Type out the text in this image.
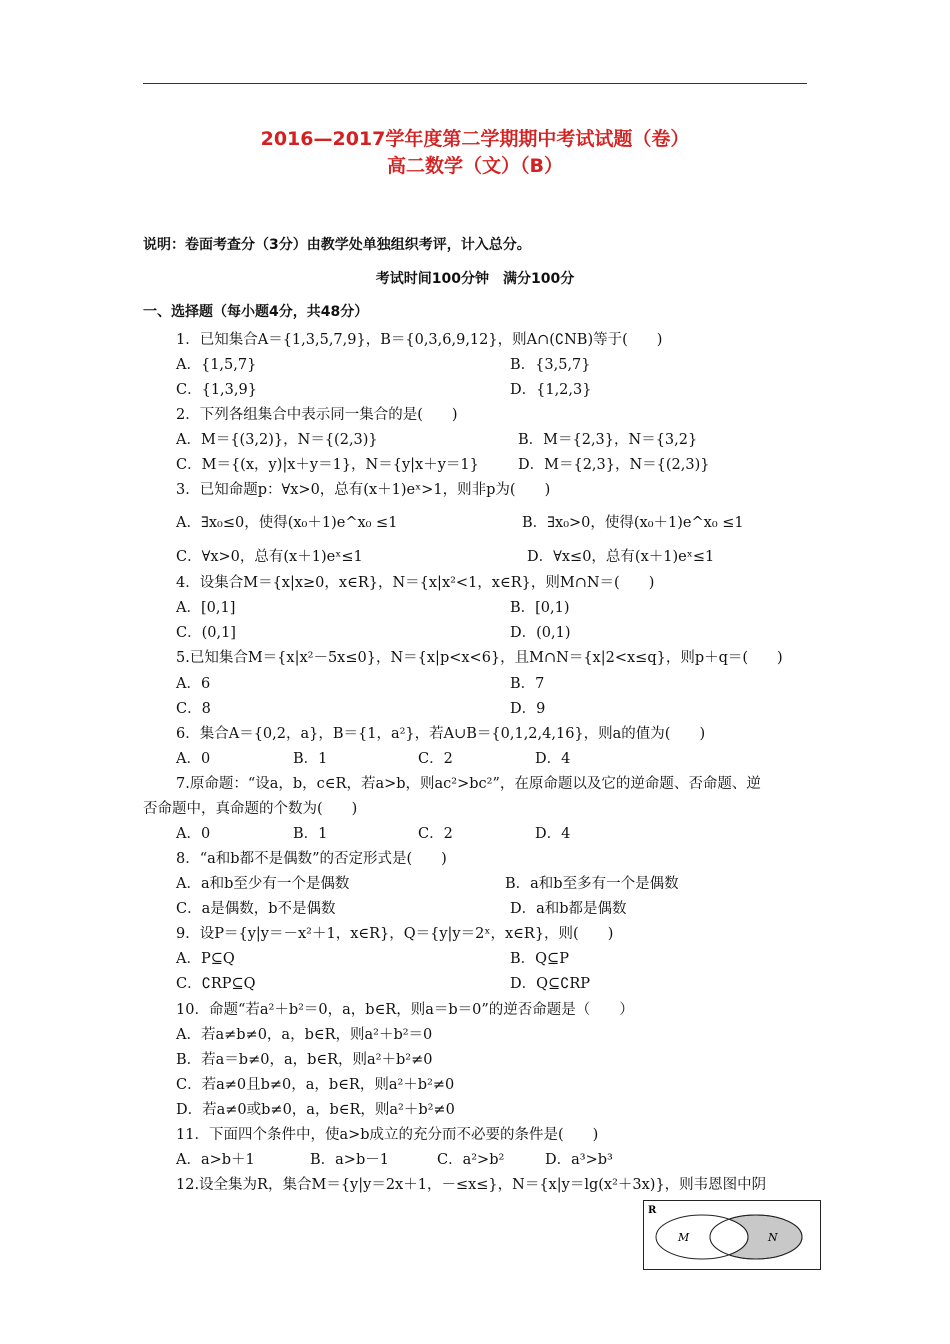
2016—2017学年度第二学期期中考试试题（卷）
高二数学（文）（B）
说明：卷面考查分（3分）由教学处单独组织考评，计入总分。
考试时间100分钟　满分100分
一、选择题（每小题4分，共48分）
1．已知集合A＝{1,3,5,7,9}，B＝{0,3,6,9,12}，则A∩(∁NB)等于(　　)
A．{1,5,7}	B．{3,5,7}
C．{1,3,9}	D．{1,2,3}
2．下列各组集合中表示同一集合的是(　　)
A．M＝{(3,2)}，N＝{(2,3)}	B．M＝{2,3}，N＝{3,2}
C．M＝{(x，y)|x＋y＝1}，N＝{y|x＋y＝1}	D．M＝{2,3}，N＝{(2,3)}
3．已知命题p：∀x>0，总有(x＋1)eˣ>1，则非p为(　　)
A．∃x₀≤0，使得(x₀＋1)e^x₀ ≤1	B．∃x₀>0，使得(x₀＋1)e^x₀ ≤1
C．∀x>0，总有(x＋1)eˣ≤1	D．∀x≤0，总有(x＋1)eˣ≤1
4．设集合M＝{x|x≥0，x∈R}，N＝{x|x²<1，x∈R}，则M∩N＝(　　)
A．[0,1]	B．[0,1)
C．(0,1]	D．(0,1)
5.已知集合M＝{x|x²－5x≤0}，N＝{x|p<x<6}，且M∩N＝{x|2<x≤q}，则p＋q＝(　　)
A．6	B．7
C．8	D．9
6．集合A＝{0,2，a}，B＝{1，a²}，若A∪B＝{0,1,2,4,16}，则a的值为(　　)
A．0	B．1	C．2	D．4
7.原命题：“设a，b，c∈R，若a>b，则ac²>bc²”，在原命题以及它的逆命题、否命题、逆
否命题中，真命题的个数为(　　)
A．0	B．1	C．2	D．4
8．“a和b都不是偶数”的否定形式是(　　)
A．a和b至少有一个是偶数	B．a和b至多有一个是偶数
C．a是偶数，b不是偶数	D．a和b都是偶数
9．设P＝{y|y＝－x²＋1，x∈R}，Q＝{y|y＝2ˣ，x∈R}，则(　　)
A．P⊆Q	B．Q⊆P
C．∁RP⊆Q	D．Q⊆∁RP
10．命题“若a²＋b²＝0，a，b∈R，则a＝b＝0”的逆否命题是（　　）
A．若a≠b≠0，a，b∈R，则a²＋b²＝0
B．若a＝b≠0，a，b∈R，则a²＋b²≠0
C．若a≠0且b≠0，a，b∈R，则a²＋b²≠0
D．若a≠0或b≠0，a，b∈R，则a²＋b²≠0
11．下面四个条件中，使a>b成立的充分而不必要的条件是(　　)
A．a>b＋1	B．a>b－1	C．a²>b²	D．a³>b³
12.设全集为R，集合M＝{y|y＝2x＋1，－≤x≤}，N＝{x|y＝lg(x²＋3x)}，则韦恩图中阴
R
M	N
